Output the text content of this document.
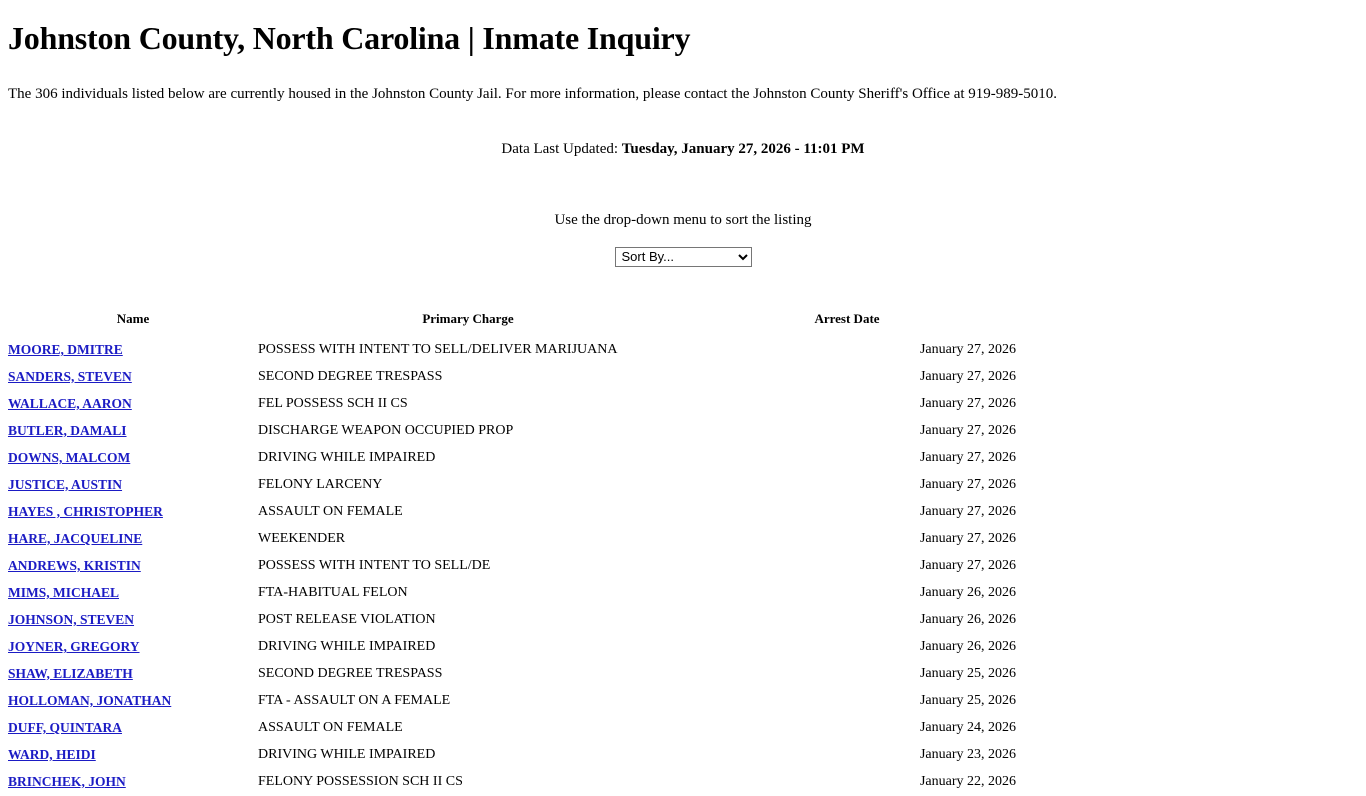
Johnston County, North Carolina | Inmate Inquiry

The 306 individuals listed below are currently housed in the Johnston County Jail. For more information, please contact the Johnston County Sheriff's Office at 919-989-5010.

Data Last Updated: Tuesday, January 27, 2026 - 11:01 PM
Use the drop-down menu to sort the listing
Sort By...
Name	Primary Charge	Arrest Date
MOORE, DMITRE	POSSESS WITH INTENT TO SELL/DELIVER MARIJUANA	January 27, 2026
SANDERS, STEVEN	SECOND DEGREE TRESPASS	January 27, 2026
WALLACE, AARON	FEL POSSESS SCH II CS	January 27, 2026
BUTLER, DAMALI	DISCHARGE WEAPON OCCUPIED PROP	January 27, 2026
DOWNS, MALCOM	DRIVING WHILE IMPAIRED	January 27, 2026
JUSTICE, AUSTIN	FELONY LARCENY	January 27, 2026
HAYES , CHRISTOPHER	ASSAULT ON FEMALE	January 27, 2026
HARE, JACQUELINE	WEEKENDER	January 27, 2026
ANDREWS, KRISTIN	POSSESS WITH INTENT TO SELL/DE	January 27, 2026
MIMS, MICHAEL	FTA-HABITUAL FELON	January 26, 2026
JOHNSON, STEVEN	POST RELEASE VIOLATION	January 26, 2026
JOYNER, GREGORY	DRIVING WHILE IMPAIRED	January 26, 2026
SHAW, ELIZABETH	SECOND DEGREE TRESPASS	January 25, 2026
HOLLOMAN, JONATHAN	FTA - ASSAULT ON A FEMALE	January 25, 2026
DUFF, QUINTARA	ASSAULT ON FEMALE	January 24, 2026
WARD, HEIDI	DRIVING WHILE IMPAIRED	January 23, 2026
BRINCHEK, JOHN	FELONY POSSESSION SCH II CS	January 22, 2026
